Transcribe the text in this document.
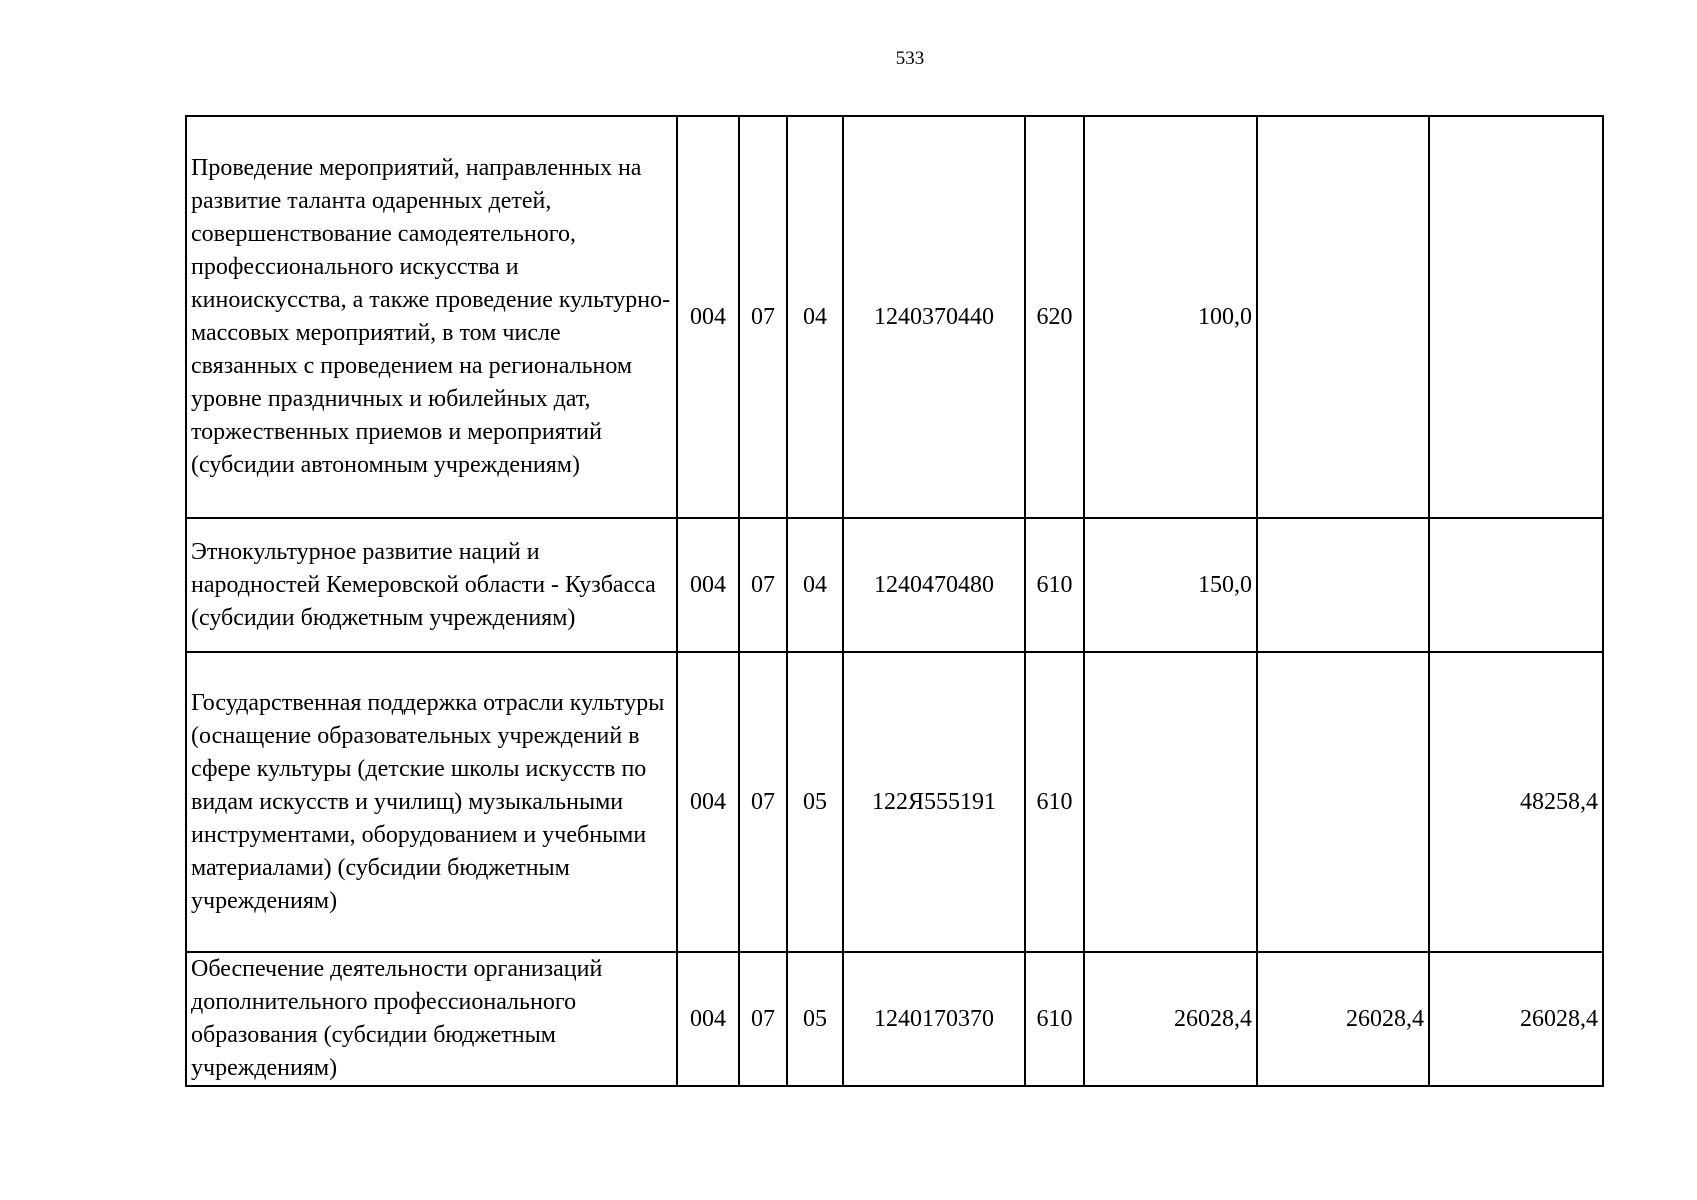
533
Проведение мероприятий, направленных на развитие таланта одаренных детей, совершенствование самодеятельного, профессионального искусства и киноискусства, а также проведение культурно-массовых мероприятий, в том числе связанных с проведением на региональном уровне праздничных и юбилейных дат, торжественных приемов и мероприятий (субсидии автономным учреждениям)	004	07	04	1240370440	620	100,0		
Этнокультурное развитие наций и народностей Кемеровской области - Кузбасса (субсидии бюджетным учреждениям)	004	07	04	1240470480	610	150,0		
Государственная поддержка отрасли культуры (оснащение образовательных учреждений в сфере культуры (детские школы искусств по видам искусств и училищ) музыкальными инструментами, оборудованием и учебными материалами) (субсидии бюджетным учреждениям)	004	07	05	122Я555191	610			48258,4
Обеспечение деятельности организаций дополнительного профессионального образования (субсидии бюджетным учреждениям)	004	07	05	1240170370	610	26028,4	26028,4	26028,4
